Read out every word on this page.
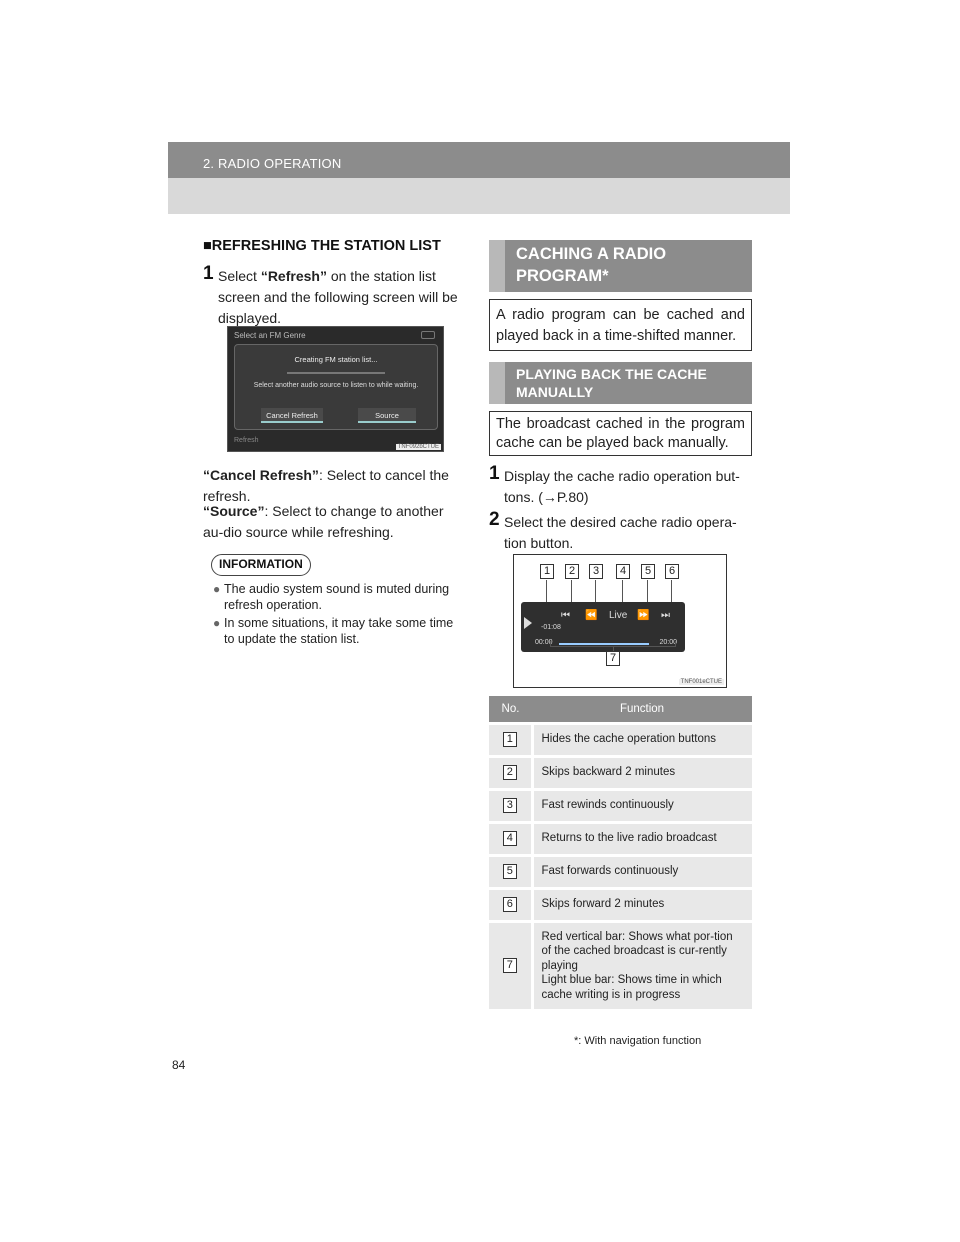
2. RADIO OPERATION
■REFRESHING THE STATION LIST
1 Select “Refresh” on the station list screen and the following screen will be displayed.
Select an FM Genre
Creating FM station list...
Select another audio source to listen to while waiting.
Cancel Refresh	Source
Refresh
TNF092bCTUE
“Cancel Refresh”: Select to cancel the refresh.
“Source”: Select to change to another au-dio source while refreshing.
INFORMATION
● The audio system sound is muted during refresh operation.
● In some situations, it may take some time to update the station list.
CACHING A RADIO PROGRAM*
A radio program can be cached and played back in a time-shifted manner.
PLAYING BACK THE CACHE MANUALLY
The broadcast cached in the program cache can be played back manually.
1 Display the cache radio operation but-tons. (→P.80)
2 Select the desired cache radio opera-tion button.
1	2	3	4	5	6
⏮ ⏪ Live ⏩ ⏭
-01:08
00:00	20:00
7
TNF001eCTUE
No.	Function
1	Hides the cache operation buttons
2	Skips backward 2 minutes
3	Fast rewinds continuously
4	Returns to the live radio broadcast
5	Fast forwards continuously
6	Skips forward 2 minutes
7	Red vertical bar: Shows what por-tion of the cached broadcast is cur-rently playing
Light blue bar: Shows time in which cache writing is in progress
*: With navigation function
84
